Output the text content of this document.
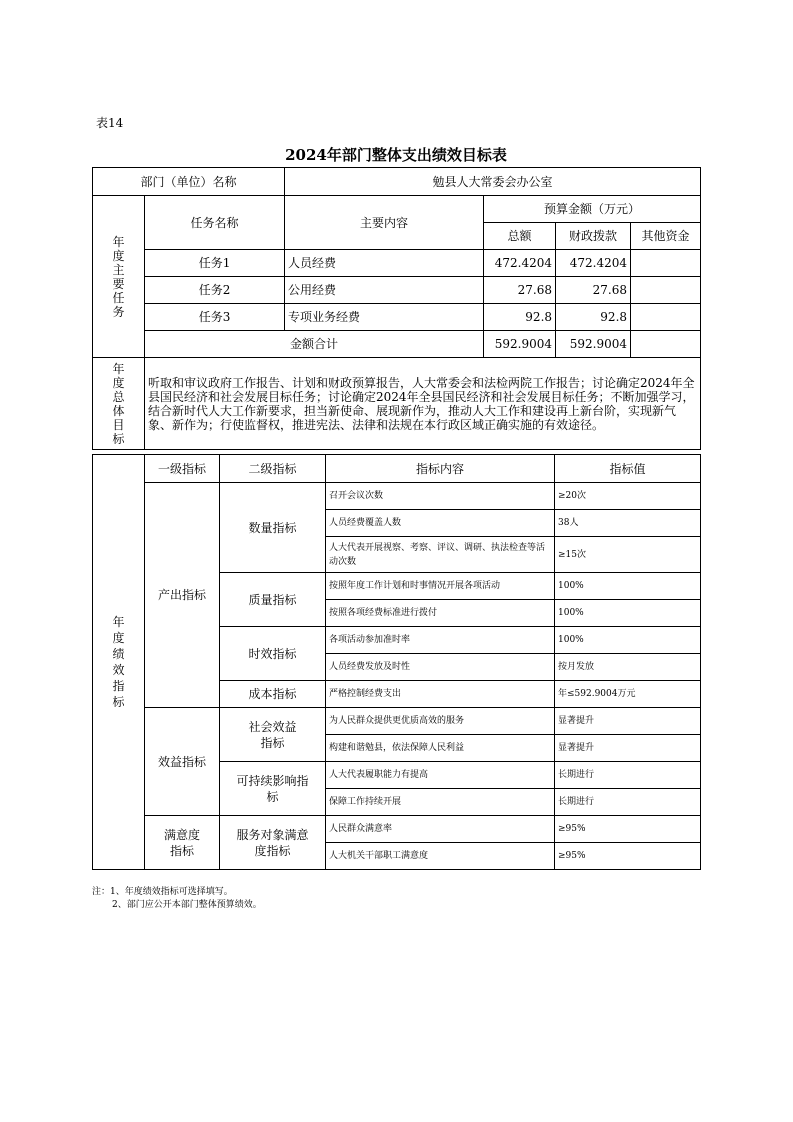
表14
2024年部门整体支出绩效目标表
部门（单位）名称		勉县人大常委会办公室			

年度主要任务	任务名称	主要内容	预算金额（万元）		
			总额	财政拨款	其他资金
	任务1	人员经费	472.4204	472.4204	
	任务2	公用经费	27.68	27.68	
	任务3	专项业务经费	92.8	92.8	
	金额合计		592.9004	592.9004	

年度总体目标	听取和审议政府工作报告、计划和财政预算报告，人大常委会和法检两院工作报告；讨论确定2024年全县国民经济和社会发展目标任务；讨论确定2024年全县国民经济和社会发展目标任务；不断加强学习，结合新时代人大工作新要求，担当新使命、展现新作为，推动人大工作和建设再上新台阶，实现新气象、新作为；行使监督权，推进宪法、法律和法规在本行政区域正确实施的有效途径。				
年度绩效指标	一级指标	二级指标	指标内容	指标值
	产出指标	数量指标	召开会议次数	≥20次
			人员经费覆盖人数	38人
			人大代表开展视察、考察、评议、调研、执法检查等活动次数	≥15次
		质量指标	按照年度工作计划和时事情况开展各项活动	100%
			按照各项经费标准进行拨付	100%
		时效指标	各项活动参加准时率	100%
			人员经费发放及时性	按月发放
		成本指标	严格控制经费支出	年≤592.9004万元
	效益指标	社会效益指标	为人民群众提供更优质高效的服务	显著提升
			构建和谐勉县，依法保障人民利益	显著提升

		可持续影响指标	人大代表履职能力有提高	长期进行
			保障工作持续开展	长期进行

	满意度指标	服务对象满意度指标	人民群众满意率	≥95%
			人大机关干部职工满意度	≥95%
注：1、年度绩效指标可选择填写。
2、部门应公开本部门整体预算绩效。
